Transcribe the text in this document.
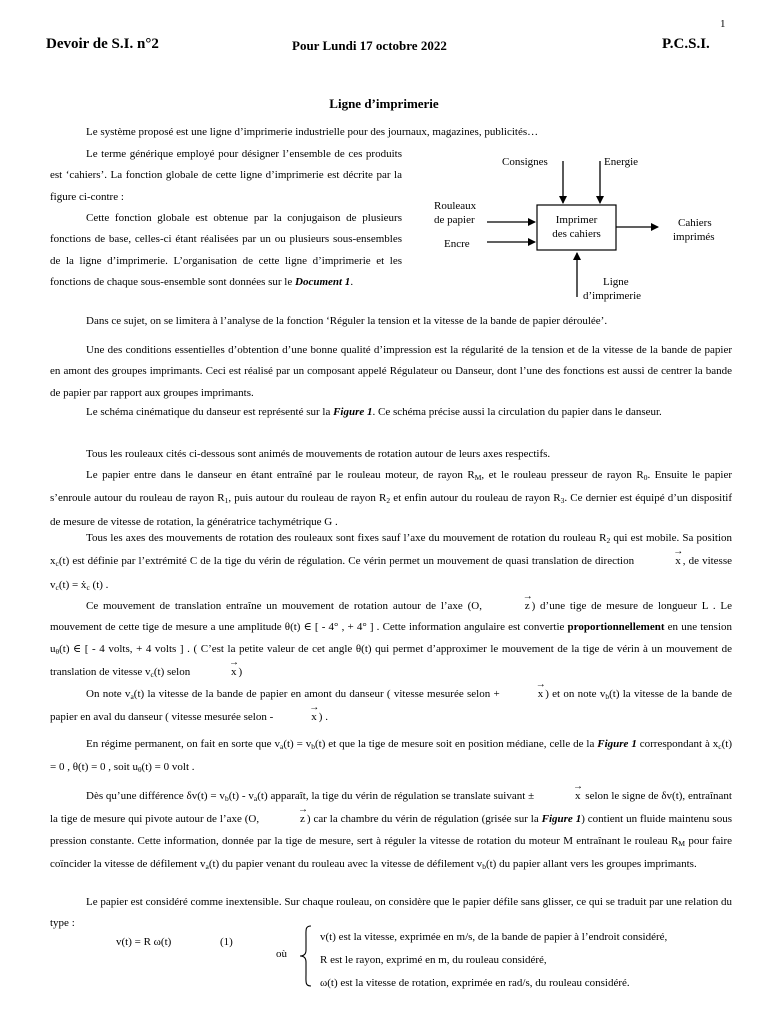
1
Devoir de S.I. n°2	Pour Lundi 17 octobre 2022	P.C.S.I.
Ligne d’imprimerie

Le système proposé est une ligne d’imprimerie industrielle pour des journaux, magazines, publicités…

Le terme générique employé pour désigner l’ensemble de ces produits est ‘cahiers’. La fonction globale de cette ligne d’imprimerie est décrite par la figure ci-contre :

Cette fonction globale est obtenue par la conjugaison de plusieurs fonctions de base, celles-ci étant réalisées par un ou plusieurs sous-ensembles de la ligne d’imprimerie. L’organisation de cette ligne d’imprimerie et les fonctions de chaque sous-ensemble sont données sur le Document 1.

Consignes	Energie
Imprimer
des cahiers
Rouleaux
de papier
Encre
Cahiers
imprimés
Ligne
d’imprimerie

Dans ce sujet, on se limitera à l’analyse de la fonction ‘Réguler la tension et la vitesse de la bande de papier déroulée’.

Une des conditions essentielles d’obtention d’une bonne qualité d’impression est la régularité de la tension et de la vitesse de la bande de papier en amont des groupes imprimants. Ceci est réalisé par un composant appelé Régulateur ou Danseur, dont l’une des fonctions est aussi de centrer la bande de papier par rapport aux groupes imprimants.

Le schéma cinématique du danseur est représenté sur la Figure 1. Ce schéma précise aussi la circulation du papier dans le danseur.

Tous les rouleaux cités ci-dessous sont animés de mouvements de rotation autour de leurs axes respectifs.

Le papier entre dans le danseur en étant entraîné par le rouleau moteur, de rayon $R_M$, et le rouleau presseur de rayon $R_0$. Ensuite le papier s’enroule autour du rouleau de rayon $R_1$, puis autour du rouleau de rayon $R_2$ et enfin autour du rouleau de rayon $R_3$. Ce dernier est équipé d’un dispositif de mesure de vitesse de rotation, la génératrice tachymétrique G .

Tous les axes des mouvements de rotation des rouleaux sont fixes sauf l’axe du mouvement de rotation du rouleau $R_2$ qui est mobile. Sa position $x_c(t)$ est définie par l’extrémité C de la tige du vérin de régulation. Ce vérin permet un mouvement de quasi translation de direction	→ x , de vitesse $v_c(t)$ = ẋ$_c$ (t) .

Ce mouvement de translation entraîne un mouvement de rotation autour de l’axe (O,	→ z ) d’une tige de mesure de longueur L . Le mouvement de cette tige de mesure a une amplitude θ(t) ∈ [ - 4° , + 4° ] . Cette information angulaire est convertie proportionnellement en une tension $u_\theta(t)$ ∈ [ - 4 volts, + 4 volts ] . ( C’est la petite valeur de cet angle θ(t) qui permet d’approximer le mouvement de la tige de vérin à un mouvement de translation de vitesse $v_c(t)$ selon	→ x )

On note $v_a(t)$ la vitesse de la bande de papier en amont du danseur ( vitesse mesurée selon +	→ x ) et on note $v_b(t)$ la vitesse de la bande de papier en aval du danseur ( vitesse mesurée selon -	→ x ) .

En régime permanent, on fait en sorte que $v_a(t) = v_b(t)$ et que la tige de mesure soit en position médiane, celle de la Figure 1 correspondant à $x_c(t) = 0$ , θ(t) = 0 , soit $u_\theta(t) = 0$ volt .

Dès qu’une différence $\delta v(t) = v_b(t) - v_a(t)$ apparaît, la tige du vérin de régulation se translate suivant ±	→ x selon le signe de δv(t), entraînant la tige de mesure qui pivote autour de l’axe (O,	→ z ) car la chambre du vérin de régulation (grisée sur la Figure 1) contient un fluide maintenu sous pression constante. Cette information, donnée par la tige de mesure, sert à réguler la vitesse de rotation du moteur M entraînant le rouleau $R_M$ pour faire coïncider la vitesse de défilement $v_a(t)$ du papier venant du rouleau avec la vitesse de défilement $v_b(t)$ du papier allant vers les groupes imprimants.

Le papier est considéré comme inextensible. Sur chaque rouleau, on considère que le papier défile sans glisser, ce qui se traduit par une relation du type :

v(t) = R ω(t)	(1)
où
v(t) est la vitesse, exprimée en m/s, de la bande de papier à l’endroit considéré,
R est le rayon, exprimé en m, du rouleau considéré,
ω(t) est la vitesse de rotation, exprimée en rad/s, du rouleau considéré.
